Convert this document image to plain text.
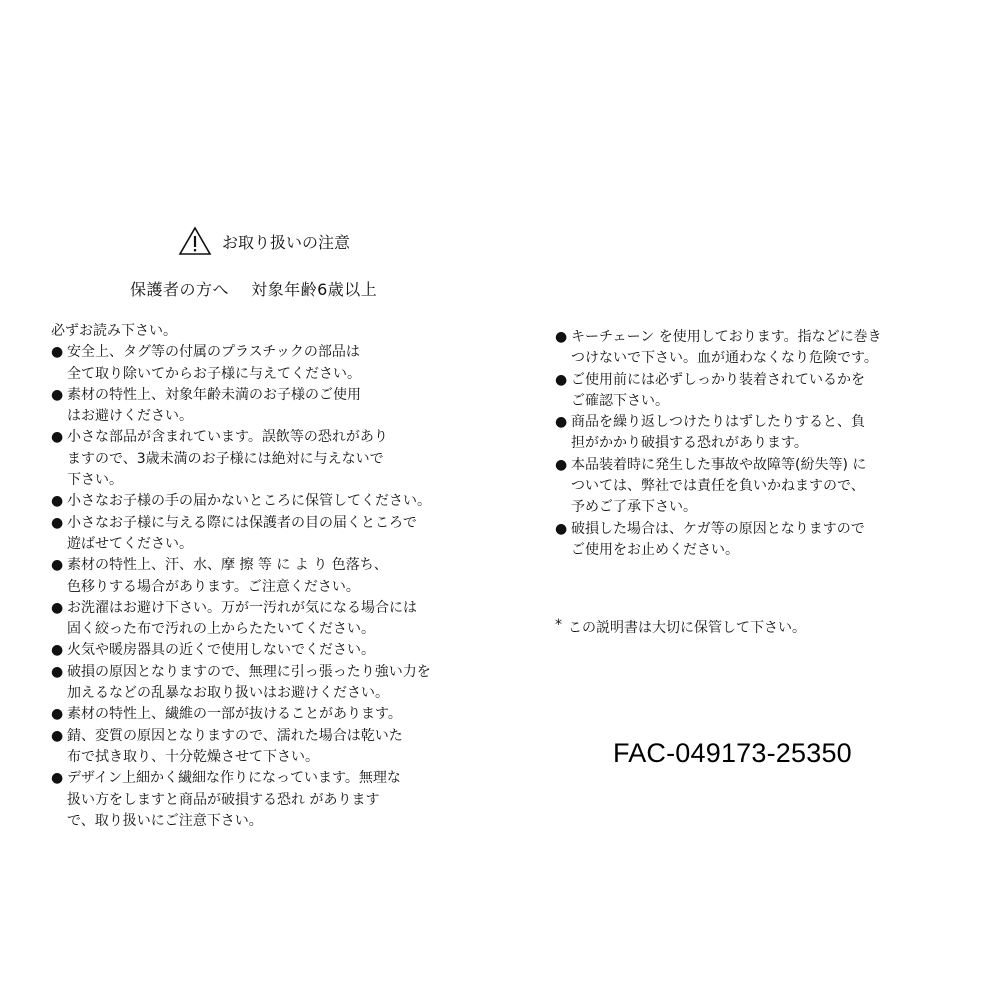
お取り扱いの注意
保護者の方へ　 対象年齢6歳以上
必ずお読み下さい。
● 安全上、タグ等の付属のプラスチックの部品は
全て取り除いてからお子様に与えてください。
● 素材の特性上、対象年齢未満のお子様のご使用
はお避けください。
● 小さな部品が含まれています。誤飲等の恐れがあり
ますので、3歳未満のお子様には絶対に与えないで
下さい。
● 小さなお子様の手の届かないところに保管してください。
● 小さなお子様に与える際には保護者の目の届くところで
遊ばせてください。
● 素材の特性上、汗、水、摩 擦 等 に よ り 色落ち、
色移りする場合があります。ご注意ください。
● お洗濯はお避け下さい。万が一汚れが気になる場合には
固く絞った布で汚れの上からたたいてください。
● 火気や暖房器具の近くで使用しないでください。
● 破損の原因となりますので、無理に引っ張ったり強い力を
加えるなどの乱暴なお取り扱いはお避けください。
● 素材の特性上、繊維の一部が抜けることがあります。
● 錆、変質の原因となりますので、濡れた場合は乾いた
布で拭き取り、十分乾燥させて下さい。
● デザイン上細かく繊細な作りになっています。無理な
扱い方をしますと商品が破損する恐れ があります
で、取り扱いにご注意下さい。
● キーチェーン を使用しております。指などに巻き
つけないで下さい。血が通わなくなり危険です。
● ご使用前には必ずしっかり装着されているかを
ご確認下さい。
● 商品を繰り返しつけたりはずしたりすると、負
担がかかり破損する恐れがあります。
● 本品装着時に発生した事故や故障等(紛失等) に
ついては、弊社では責任を負いかねますので、
予めご了承下さい。
● 破損した場合は、ケガ等の原因となりますので
ご使用をお止めください。
* この説明書は大切に保管して下さい。
FAC-049173-25350
